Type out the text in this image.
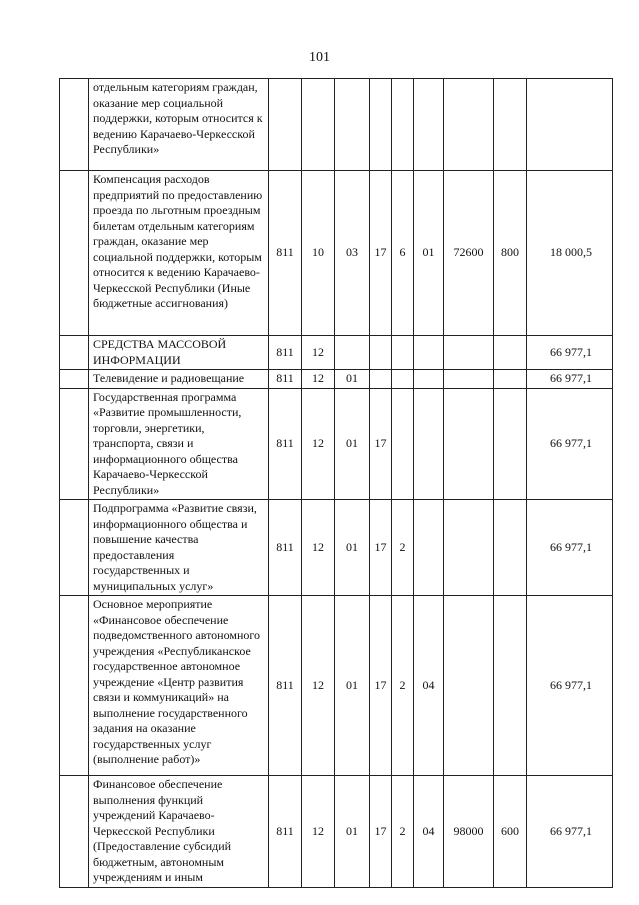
101
	отдельным категориям граждан, оказание мер социальной поддержки, которым относится к ведению Карачаево-Черкесской Республики»									
	Компенсация расходов предприятий по предоставлению проезда по льготным проездным билетам отдельным категориям граждан, оказание мер социальной поддержки, которым относится к ведению Карачаево-Черкесской Республики (Иные бюджетные ассигнования)	811	10	03	17	6	01	72600	800	18 000,5
	СРЕДСТВА МАССОВОЙ ИНФОРМАЦИИ	811	12							66 977,1
	Телевидение и радиовещание	811	12	01						66 977,1
	Государственная программа «Развитие промышленности, торговли, энергетики, транспорта, связи и информационного общества Карачаево-Черкесской Республики»	811	12	01	17					66 977,1
	Подпрограмма «Развитие связи, информационного общества и повышение качества предоставления государственных и муниципальных услуг»	811	12	01	17	2				66 977,1
	Основное мероприятие «Финансовое обеспечение подведомственного автономного учреждения «Республиканское государственное автономное учреждение «Центр развития связи и коммуникаций» на выполнение государственного задания на оказание государственных услуг (выполнение работ)»	811	12	01	17	2	04			66 977,1
	Финансовое обеспечение выполнения функций учреждений Карачаево-Черкесской Республики (Предоставление субсидий бюджетным, автономным учреждениям и иным	811	12	01	17	2	04	98000	600	66 977,1
